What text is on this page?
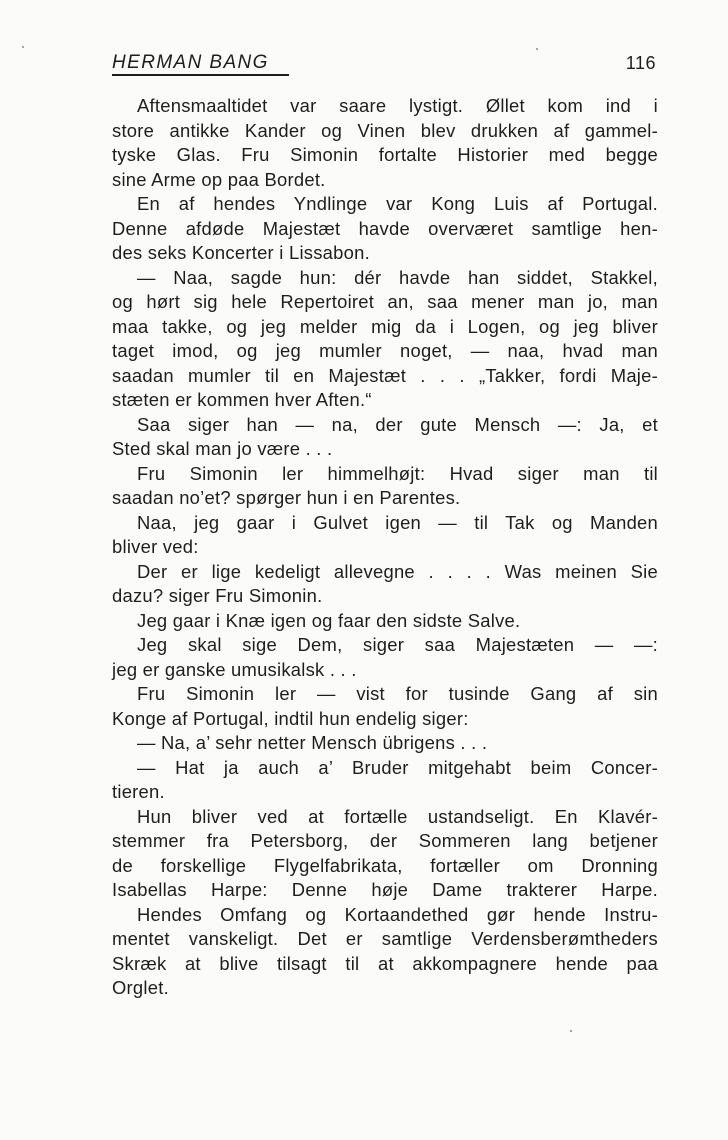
HERMAN BANG	116
Aftensmaaltidet var saare lystigt. Øllet kom ind i
store antikke Kander og Vinen blev drukken af gammel-
tyske Glas. Fru Simonin fortalte Historier med begge
sine Arme op paa Bordet.
En af hendes Yndlinge var Kong Luis af Portugal.
Denne afdøde Majestæt havde overværet samtlige hen-
des seks Koncerter i Lissabon.
— Naa, sagde hun: dér havde han siddet, Stakkel,
og hørt sig hele Repertoiret an, saa mener man jo, man
maa takke, og jeg melder mig da i Logen, og jeg bliver
taget imod, og jeg mumler noget, — naa, hvad man
saadan mumler til en Majestæt . . . „Takker, fordi Maje-
stæten er kommen hver Aften.“
Saa siger han — na, der gute Mensch —: Ja, et
Sted skal man jo være . . .
Fru Simonin ler himmelhøjt: Hvad siger man til
saadan no’et? spørger hun i en Parentes.
Naa, jeg gaar i Gulvet igen — til Tak og Manden
bliver ved:
Der er lige kedeligt allevegne . . . . Was meinen Sie
dazu? siger Fru Simonin.
Jeg gaar i Knæ igen og faar den sidste Salve.
Jeg skal sige Dem, siger saa Majestæten — —:
jeg er ganske umusikalsk . . .
Fru Simonin ler — vist for tusinde Gang af sin
Konge af Portugal, indtil hun endelig siger:
— Na, a’ sehr netter Mensch übrigens . . .
— Hat ja auch a’ Bruder mitgehabt beim Concer-
tieren.
Hun bliver ved at fortælle ustandseligt. En Klavér-
stemmer fra Petersborg, der Sommeren lang betjener
de forskellige Flygelfabrikata, fortæller om Dronning
Isabellas Harpe: Denne høje Dame trakterer Harpe.
Hendes Omfang og Kortaandethed gør hende Instru-
mentet vanskeligt. Det er samtlige Verdensberømtheders
Skræk at blive tilsagt til at akkompagnere hende paa
Orglet.
